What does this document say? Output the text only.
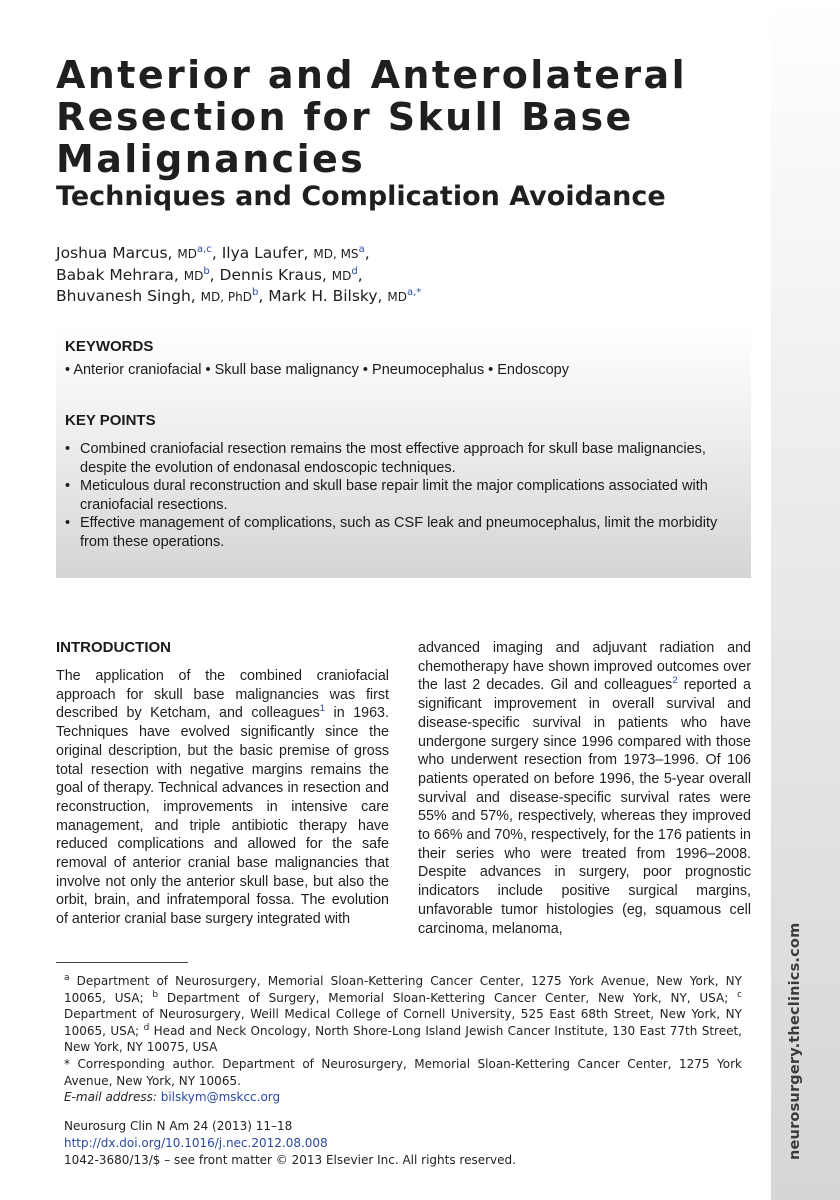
neurosurgery.theclinics.com
Anterior and Anterolateral Resection for Skull Base Malignancies
Techniques and Complication Avoidance
Joshua Marcus, MD$^{a,c}$, Ilya Laufer, MD, $MS^a$,
Babak Mehrara, $MD^b$, Dennis Kraus, $MD^d$,
Bhuvanesh Singh, MD, PhD$^b$, Mark H. Bilsky, $MD^{a,*}$
KEYWORDS
• Anterior craniofacial • Skull base malignancy • Pneumocephalus • Endoscopy
KEY POINTS
• Combined craniofacial resection remains the most effective approach for skull base malignancies, despite the evolution of endonasal endoscopic techniques.
• Meticulous dural reconstruction and skull base repair limit the major complications associated with craniofacial resections.
• Effective management of complications, such as CSF leak and pneumocephalus, limit the morbidity from these operations.
INTRODUCTION

The application of the combined craniofacial approach for skull base malignancies was first described by Ketcham, and colleagues$^1$ in 1963. Techniques have evolved significantly since the original description, but the basic premise of gross total resection with negative margins remains the goal of therapy. Technical advances in resection and reconstruction, improvements in intensive care management, and triple antibiotic therapy have reduced complications and allowed for the safe removal of anterior cranial base malignancies that involve not only the anterior skull base, but also the orbit, brain, and infratemporal fossa. The evolution of anterior cranial base surgery integrated with

advanced imaging and adjuvant radiation and chemotherapy have shown improved outcomes over the last 2 decades. Gil and colleagues$^2$ reported a significant improvement in overall survival and disease-specific survival in patients who have undergone surgery since 1996 compared with those who underwent resection from 1973–1996. Of 106 patients operated on before 1996, the 5-year overall survival and disease-specific survival rates were 55% and 57%, respectively, whereas they improved to 66% and 70%, respectively, for the 176 patients in their series who were treated from 1996–2008. Despite advances in surgery, poor prognostic indicators include positive surgical margins, unfavorable tumor histologies (eg, squamous cell carcinoma, melanoma,

$^a$ Department of Neurosurgery, Memorial Sloan-Kettering Cancer Center, 1275 York Avenue, New York, NY 10065, USA; $^b$ Department of Surgery, Memorial Sloan-Kettering Cancer Center, New York, NY, USA; $^c$ Department of Neurosurgery, Weill Medical College of Cornell University, 525 East 68th Street, New York, NY 10065, USA; $^d$ Head and Neck Oncology, North Shore-Long Island Jewish Cancer Institute, 130 East 77th Street, New York, NY 10075, USA
* Corresponding author. Department of Neurosurgery, Memorial Sloan-Kettering Cancer Center, 1275 York Avenue, New York, NY 10065.
E-mail address: bilskym@mskcc.org
Neurosurg Clin N Am 24 (2013) 11–18
http://dx.doi.org/10.1016/j.nec.2012.08.008
1042-3680/13/$ – see front matter © 2013 Elsevier Inc. All rights reserved.
